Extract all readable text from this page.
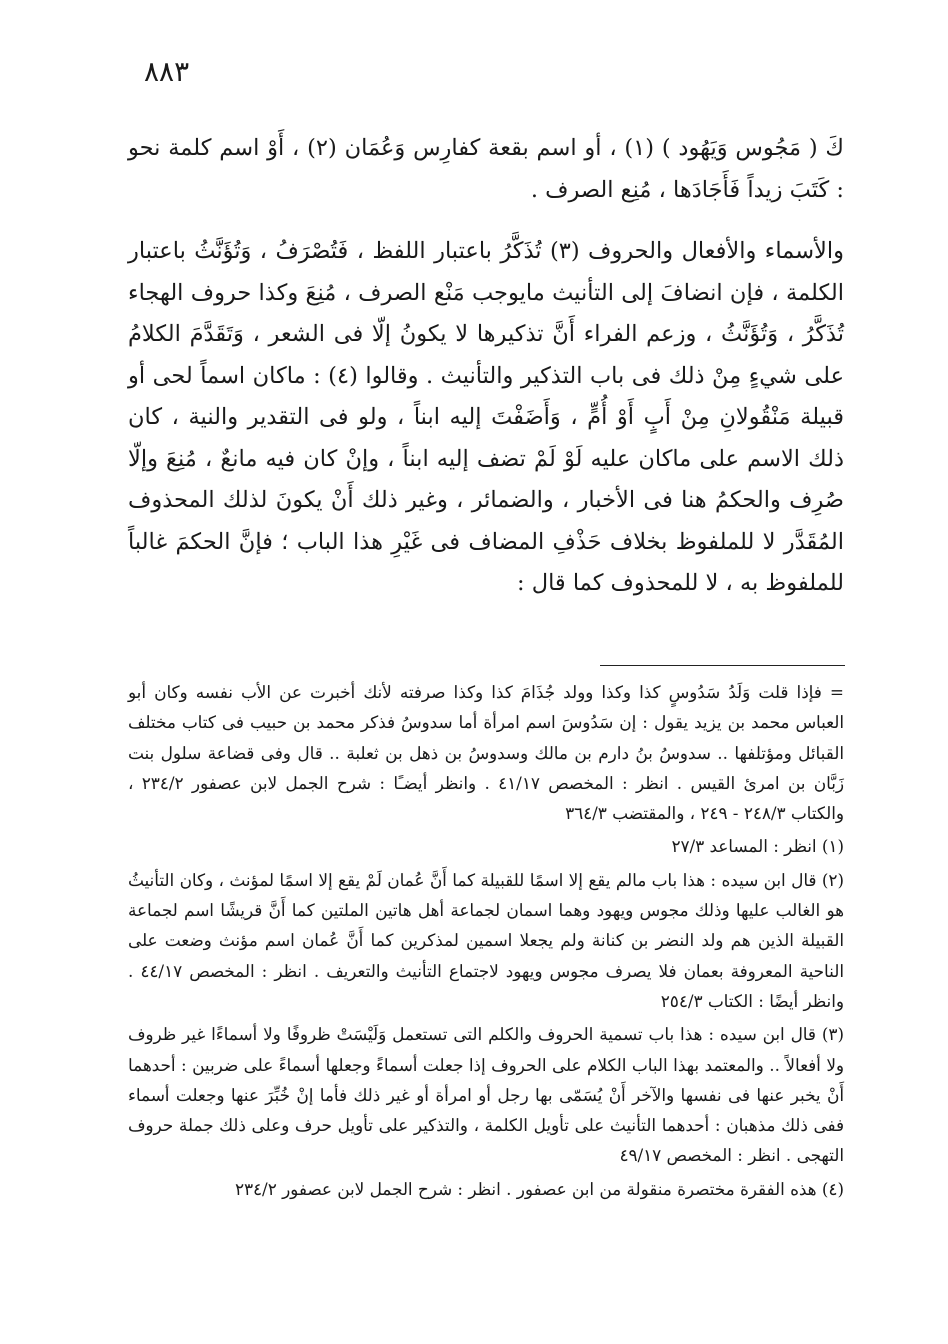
٨٨٣

كَ ( مَجُوس وَيَهُود ) (١) ، أو اسم بقعة كفارِس وَعُمَان (٢) ، أَوْ اسم كلمة نحو : كَتَبَ زيداً فَأَجَادَها ، مُنِع الصرف .

والأسماء والأفعال والحروف (٣) تُذَكَّرُ باعتبار اللفظ ، فَتُصْرَفُ ، وَتُؤَنَّثُ باعتبار الكلمة ، فإن انضافَ إلى التأنيث مايوجب مَنْع الصرف ، مُنِعَ وكذا حروف الهجاء تُذَكَّرُ ، وَتُؤَنَّثُ ، وزعم الفراء أَنَّ تذكيرها لا يكونُ إلّا فى الشعر ، وَتَقَدَّمَ الكلامُ على شيءٍ مِنْ ذلك فى باب التذكير والتأنيث . وقالوا (٤) : ماكان اسماً لحى أو قبيلة مَنْقُولانِ مِنْ أَبٍ أَوْ أُمٍّ ، وَأَضَفْتَ إليه ابناً ، ولو فى التقدير والنية ، كان ذلك الاسم على ماكان عليه لَوْ لَمْ تضف إليه ابناً ، وإنْ كان فيه مانعٌ ، مُنِعَ وإلّا صُرِف والحكمُ هنا فى الأخبار ، والضمائر ، وغير ذلك أَنْ يكونَ لذلك المحذوف المُقَدَّر لا للملفوظ بخلاف حَذْفِ المضاف فى غَيْرِ هذا الباب ؛ فإنَّ الحكمَ غالباً للملفوظ به ، لا للمحذوف كما قال :

= فإذا قلت وَلَدُ سَدُوسٍ كذا وكذا وولد جُذَامَ كذا وكذا صرفته لأنك أخبرت عن الأب نفسه وكان أبو العباس محمد بن يزيد يقول : إن سَدُوسَ اسم امرأة أما سدوسُ فذكر محمد بن حبيب فى كتاب مختلف القبائل ومؤتلفها .. سدوسُ بنُ دارم بن مالك وسدوسُ بن ذهل بن ثعلبة .. قال وفى قضاعة سلول بنت زَبَّان بن امرئ القيس . انظر : المخصص ٤١/١٧ . وانظر أيضـًا : شرح الجمل لابن عصفور ٢٣٤/٢ ، والكتاب ٢٤٨/٣ - ٢٤٩ ، والمقتضب ٣٦٤/٣

(١) انظر : المساعد ٢٧/٣

(٢) قال ابن سيده : هذا باب مالم يقع إلا اسمًا للقبيلة كما أَنَّ عُمان لَمْ يقع إلا اسمًا لمؤنث ، وكان التأنيثُ هو الغالب عليها وذلك مجوس ويهود وهما اسمان لجماعة أهل هاتين الملتين كما أَنَّ قريشًا اسم لجماعة القبيلة الذين هم ولد النضر بن كنانة ولم يجعلا اسمين لمذكرين كما أَنَّ عُمان اسم مؤنث وضعت على الناحية المعروفة بعمان فلا يصرف مجوس ويهود لاجتماع التأنيث والتعريف . انظر : المخصص ٤٤/١٧ . وانظر أيضًا : الكتاب ٢٥٤/٣

(٣) قال ابن سيده : هذا باب تسمية الحروف والكلم التى تستعمل وَلَيْسَتْ ظروفًا ولا أسماءًا غير ظروف ولا أفعالاً .. والمعتمد بهذا الباب الكلام على الحروف إذا جعلت أسماءً وجعلها أسماءً على ضربين : أحدهما أَنْ يخبر عنها فى نفسها والآخر أَنْ يُسَمّى بها رجل أو امرأة أو غير ذلك فأما إنْ خُبِّرَ عنها وجعلت أسماء ففى ذلك مذهبان : أحدهما التأنيث على تأويل الكلمة ، والتذكير على تأويل حرف وعلى ذلك جملة حروف التهجى . انظر : المخصص ٤٩/١٧

(٤) هذه الفقرة مختصرة منقولة من ابن عصفور . انظر : شرح الجمل لابن عصفور ٢٣٤/٢
